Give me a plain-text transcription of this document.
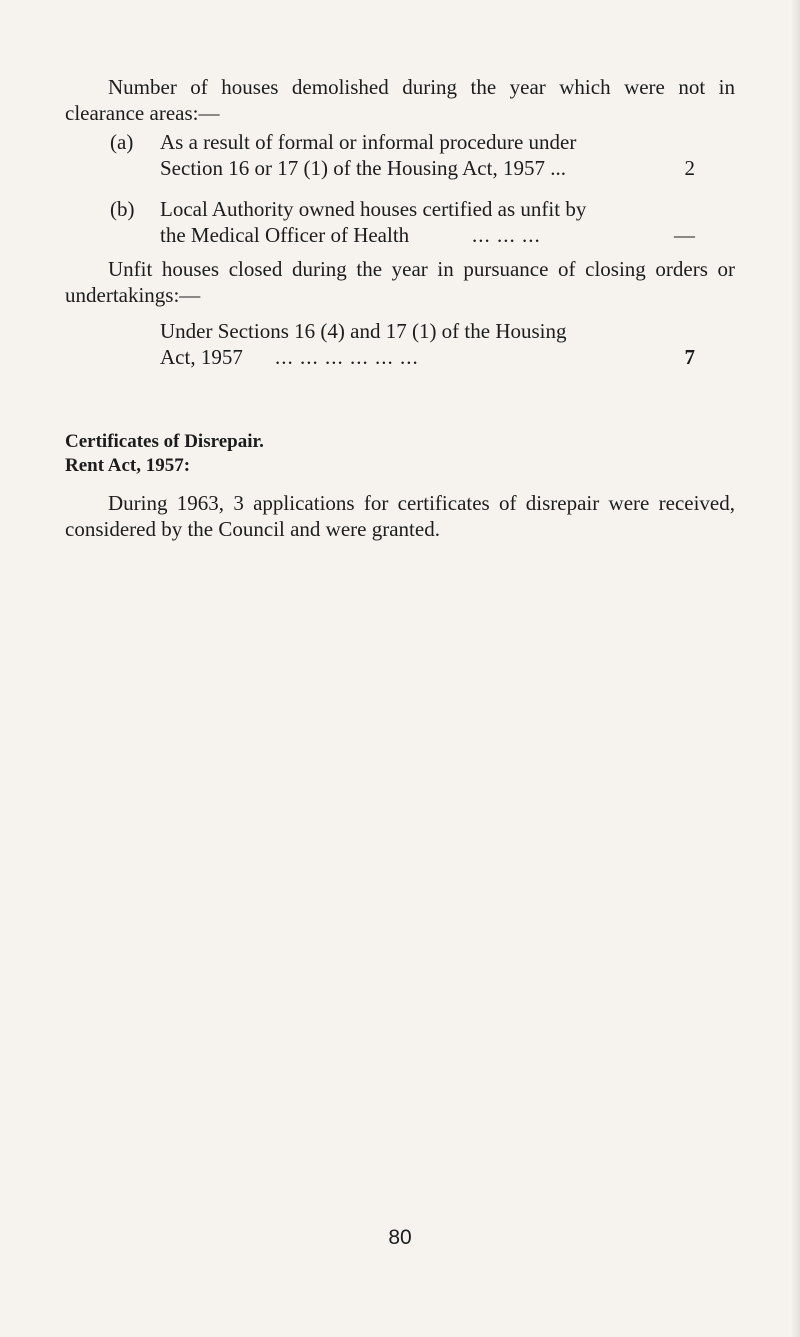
Number of houses demolished during the year which were not in clearance areas:—
(a) As a result of formal or informal procedure under
Section 16 or 17 (1) of the Housing Act, 1957 ...	2
(b) Local Authority owned houses certified as unfit by
the Medical Officer of Health	... ... ...	—
Unfit houses closed during the year in pursuance of closing orders or undertakings:—
Under Sections 16 (4) and 17 (1) of the Housing
Act, 1957 ... ... ... ... ... ...	7
Certificates of Disrepair.
Rent Act, 1957:
During 1963, 3 applications for certificates of disrepair were received, considered by the Council and were granted.
80
